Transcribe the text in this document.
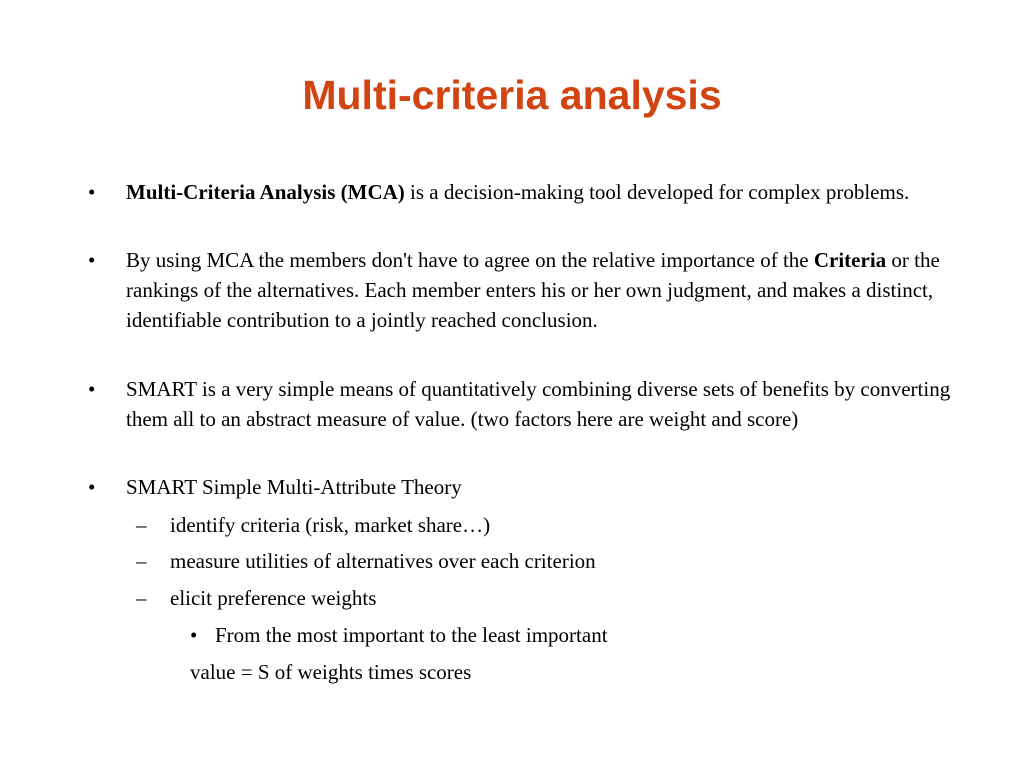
Multi-criteria analysis
• Multi-Criteria Analysis (MCA) is a decision-making tool developed for complex problems.
• By using MCA the members don't have to agree on the relative importance of the Criteria or the rankings of the alternatives. Each member enters his or her own judgment, and makes a distinct, identifiable contribution to a jointly reached conclusion.
• SMART is a very simple means of quantitatively combining diverse sets of benefits by converting them all to an abstract measure of value. (two factors here are weight and score)
• SMART Simple Multi-Attribute Theory
– identify criteria (risk, market share…)
– measure utilities of alternatives over each criterion
– elicit preference weights
• From the most important to the least important
value = S of weights times scores
